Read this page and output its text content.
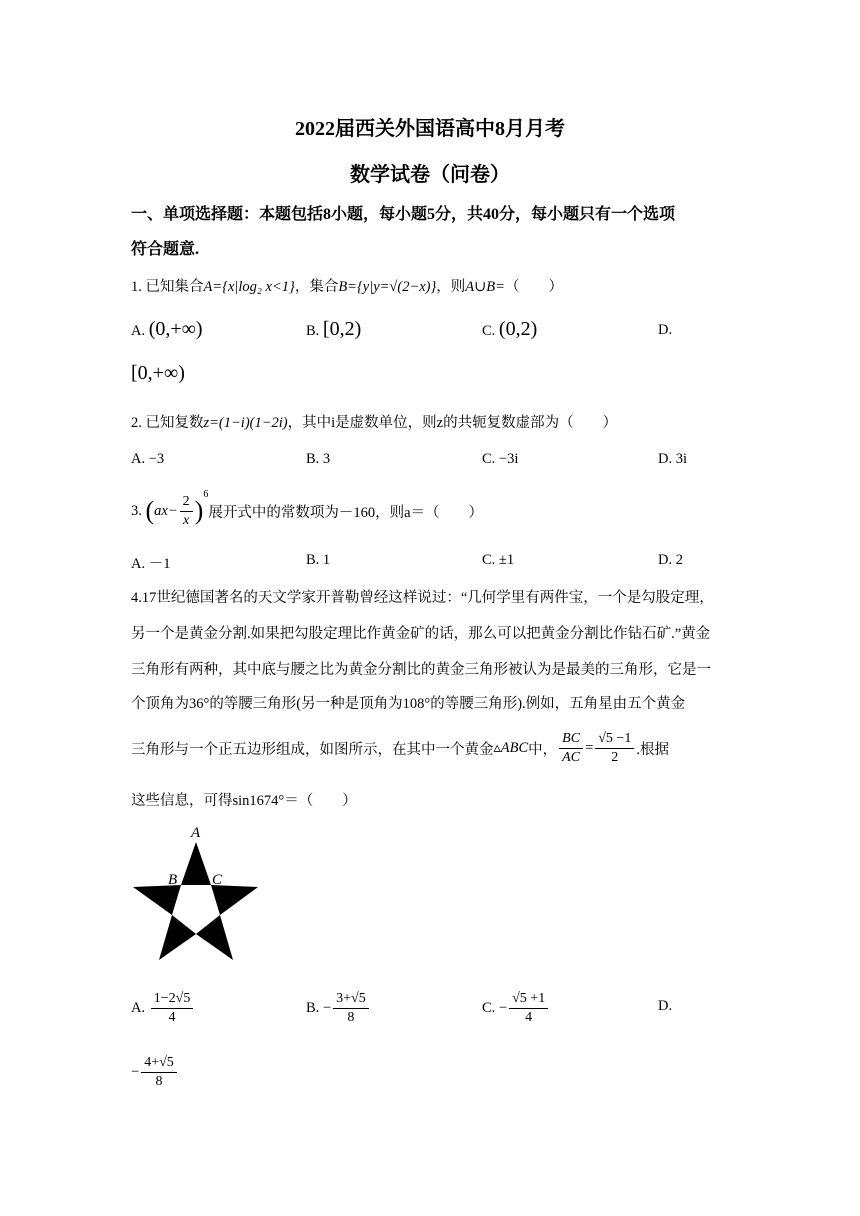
2022届西关外国语高中8月月考
数学试卷（问卷）
一、单项选择题：本题包括8小题，每小题5分，共40分，每小题只有一个选项
符合题意.
1. 已知集合A={x|log₂ x<1}，集合B={y|y=√(2−x)}，则A∪B=（　　）
A. (0,+∞)	B. [0,2)	C. (0,2)	D.
[0,+∞)
2. 已知复数z=(1−i)(1−2i)，其中i是虚数单位，则z的共轭复数虚部为（　　）
A. −3	B. 3	C. −3i	D. 3i
3.
( $ax- \frac{2}{x}$ )
$^6$
展开式中的常数项为－160，则a＝（　　）
A. －1	B. 1	C. ±1	D. 2
4.17世纪德国著名的天文学家开普勒曾经这样说过：“几何学里有两件宝，一个是勾股定理，
另一个是黄金分割.如果把勾股定理比作黄金矿的话，那么可以把黄金分割比作钻石矿.”黄金
三角形有两种，其中底与腰之比为黄金分割比的黄金三角形被认为是最美的三角形，它是一
个顶角为36°的等腰三角形(另一种是顶角为108°的等腰三角形).例如，五角星由五个黄金
三角形与一个正五边形组成，如图所示，在其中一个黄金 ▵ABC 中， $\frac{BC}{AC} = \frac{√5 -1}{2}$ .根据
这些信息，可得sin1674°＝（　　）
A
B C
A.
$\frac{1-2√5}{4}$	B.
− $\frac{3+√5}{8}$	C.
− $\frac{√5 +1}{4}$	D.
− $\frac{4+√5}{8}$
